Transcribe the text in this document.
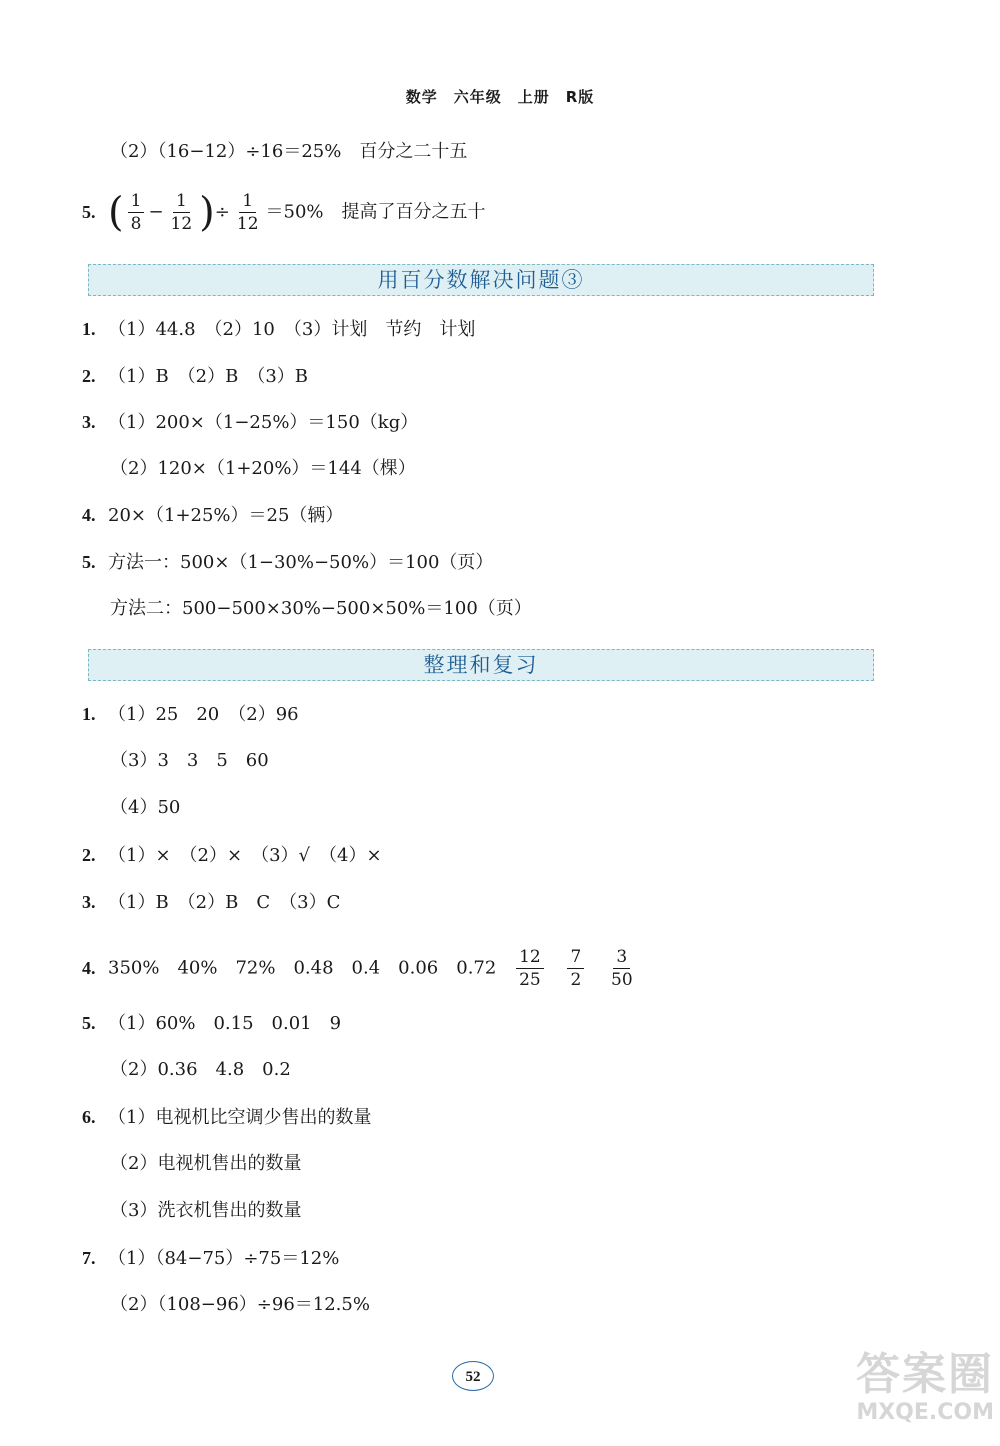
数学　六年级　上册　R版
（2）（16−12）÷16＝25%　百分之二十五
5. ( $\frac{1}{8} - \frac{1}{12}$ )÷ $\frac{1}{12} =50\%$　提高了百分之五十
用百分数解决问题③
1. （1）44.8　（2）10　（3）计划　节约　计划
2. （1）B　（2）B　（3）B
3. （1）200×（1−25%）＝150（kg）
（2）120×（1+20%）＝144（棵）
4. 20×（1+25%）＝25（辆）
5. 方法一：500×（1−30%−50%）＝100（页）
方法二：500−500×30%−500×50%＝100（页）
整理和复习
1. （1）25　20　（2）96
（3）3　3　5　60
（4）50
2. （1）×　（2）×　（3）√　（4）×
3. （1）B　（2）B　C　（3）C
4. 350%　40%　72%　0.48　0.4　0.06　$0.72 \frac{12}{25}$
$\frac{7}{2}$
$\frac{3}{50}$
5. （1）60%　0.15　0.01　9
（2）0.36　4.8　0.2
6. （1）电视机比空调少售出的数量
（2）电视机售出的数量
（3）洗衣机售出的数量
7. （1）（84−75）÷75＝12%
（2）（108−96）÷96＝12.5%
52	答案圈
MXQE.COM
